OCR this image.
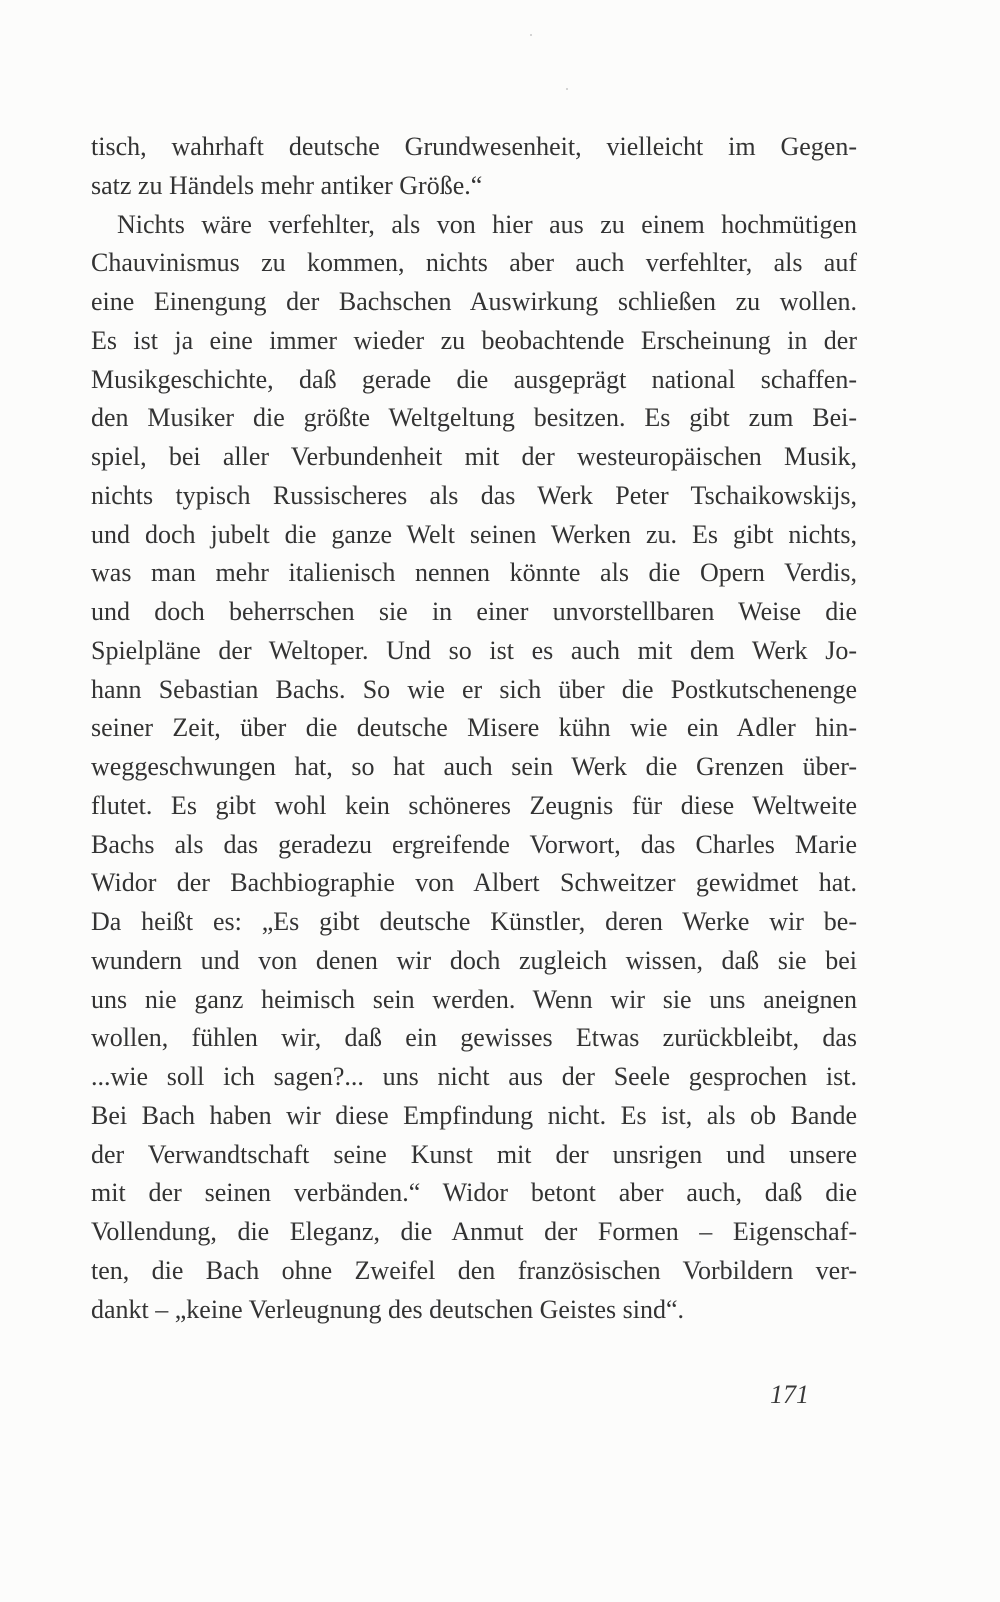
tisch, wahrhaft deutsche Grundwesenheit, vielleicht im Gegen-
satz zu Händels mehr antiker Größe.“
Nichts wäre verfehlter, als von hier aus zu einem hochmütigen
Chauvinismus zu kommen, nichts aber auch verfehlter, als auf
eine Einengung der Bachschen Auswirkung schließen zu wollen.
Es ist ja eine immer wieder zu beobachtende Erscheinung in der
Musikgeschichte, daß gerade die ausgeprägt national schaffen-
den Musiker die größte Weltgeltung besitzen. Es gibt zum Bei-
spiel, bei aller Verbundenheit mit der westeuropäischen Musik,
nichts typisch Russischeres als das Werk Peter Tschaikowskijs,
und doch jubelt die ganze Welt seinen Werken zu. Es gibt nichts,
was man mehr italienisch nennen könnte als die Opern Verdis,
und doch beherrschen sie in einer unvorstellbaren Weise die
Spielpläne der Weltoper. Und so ist es auch mit dem Werk Jo-
hann Sebastian Bachs. So wie er sich über die Postkutschenenge
seiner Zeit, über die deutsche Misere kühn wie ein Adler hin-
weggeschwungen hat, so hat auch sein Werk die Grenzen über-
flutet. Es gibt wohl kein schöneres Zeugnis für diese Weltweite
Bachs als das geradezu ergreifende Vorwort, das Charles Marie
Widor der Bachbiographie von Albert Schweitzer gewidmet hat.
Da heißt es: „Es gibt deutsche Künstler, deren Werke wir be-
wundern und von denen wir doch zugleich wissen, daß sie bei
uns nie ganz heimisch sein werden. Wenn wir sie uns aneignen
wollen, fühlen wir, daß ein gewisses Etwas zurückbleibt, das
...wie soll ich sagen?... uns nicht aus der Seele gesprochen ist.
Bei Bach haben wir diese Empfindung nicht. Es ist, als ob Bande
der Verwandtschaft seine Kunst mit der unsrigen und unsere
mit der seinen verbänden.“ Widor betont aber auch, daß die
Vollendung, die Eleganz, die Anmut der Formen – Eigenschaf-
ten, die Bach ohne Zweifel den französischen Vorbildern ver-
dankt – „keine Verleugnung des deutschen Geistes sind“.
171
